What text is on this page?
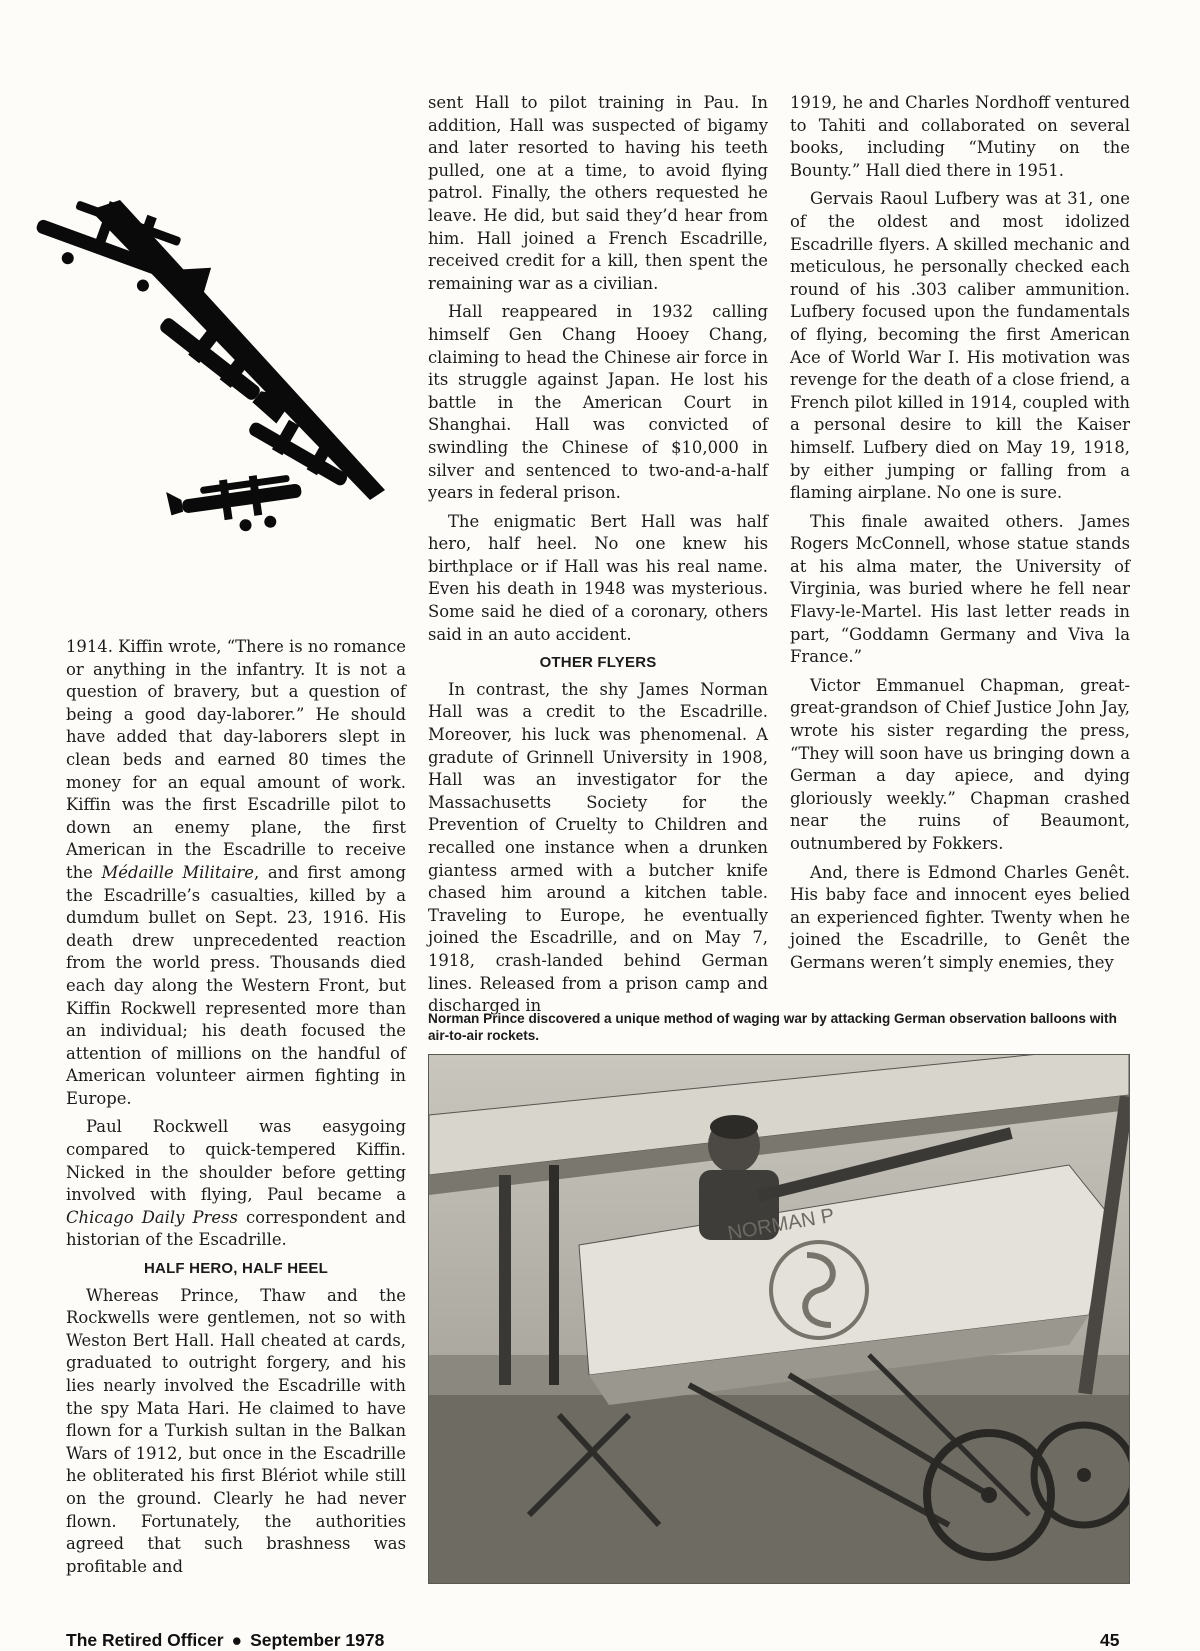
1914. Kiffin wrote, “There is no romance or anything in the infantry. It is not a question of bravery, but a question of being a good day-laborer.” He should have added that day-laborers slept in clean beds and earned 80 times the money for an equal amount of work. Kiffin was the first Escadrille pilot to down an enemy plane, the first American in the Escadrille to receive the Médaille Militaire, and first among the Escadrille’s casualties, killed by a dumdum bullet on Sept. 23, 1916. His death drew unprecedented reaction from the world press. Thousands died each day along the Western Front, but Kiffin Rockwell represented more than an individual; his death focused the attention of millions on the handful of American volunteer airmen fighting in Europe.

Paul Rockwell was easygoing compared to quick-tempered Kiffin. Nicked in the shoulder before getting involved with flying, Paul became a Chicago Daily Press correspondent and historian of the Escadrille.

HALF HERO, HALF HEEL

Whereas Prince, Thaw and the Rockwells were gentlemen, not so with Weston Bert Hall. Hall cheated at cards, graduated to outright forgery, and his lies nearly involved the Escadrille with the spy Mata Hari. He claimed to have flown for a Turkish sultan in the Balkan Wars of 1912, but once in the Escadrille he obliterated his first Blériot while still on the ground. Clearly he had never flown. Fortunately, the authorities agreed that such brashness was profitable and

sent Hall to pilot training in Pau. In addition, Hall was suspected of bigamy and later resorted to having his teeth pulled, one at a time, to avoid flying patrol. Finally, the others requested he leave. He did, but said they’d hear from him. Hall joined a French Escadrille, received credit for a kill, then spent the remaining war as a civilian.

Hall reappeared in 1932 calling himself Gen Chang Hooey Chang, claiming to head the Chinese air force in its struggle against Japan. He lost his battle in the American Court in Shanghai. Hall was convicted of swindling the Chinese of $10,000 in silver and sentenced to two-and-a-half years in federal prison.

The enigmatic Bert Hall was half hero, half heel. No one knew his birthplace or if Hall was his real name. Even his death in 1948 was mysterious. Some said he died of a coronary, others said in an auto accident.

OTHER FLYERS

In contrast, the shy James Norman Hall was a credit to the Escadrille. Moreover, his luck was phenomenal. A gradute of Grinnell University in 1908, Hall was an investigator for the Massachusetts Society for the Prevention of Cruelty to Children and recalled one instance when a drunken giantess armed with a butcher knife chased him around a kitchen table. Traveling to Europe, he eventually joined the Escadrille, and on May 7, 1918, crash-landed behind German lines. Released from a prison camp and discharged in

1919, he and Charles Nordhoff ventured to Tahiti and collaborated on several books, including “Mutiny on the Bounty.” Hall died there in 1951.

Gervais Raoul Lufbery was at 31, one of the oldest and most idolized Escadrille flyers. A skilled mechanic and meticulous, he personally checked each round of his .303 caliber ammunition. Lufbery focused upon the fundamentals of flying, becoming the first American Ace of World War I. His motivation was revenge for the death of a close friend, a French pilot killed in 1914, coupled with a personal desire to kill the Kaiser himself. Lufbery died on May 19, 1918, by either jumping or falling from a flaming airplane. No one is sure.

This finale awaited others. James Rogers McConnell, whose statue stands at his alma mater, the University of Virginia, was buried where he fell near Flavy-le-Martel. His last letter reads in part, “Goddamn Germany and Viva la France.”

Victor Emmanuel Chapman, great-great-grandson of Chief Justice John Jay, wrote his sister regarding the press, “They will soon have us bringing down a German a day apiece, and dying gloriously weekly.” Chapman crashed near the ruins of Beaumont, outnumbered by Fokkers.

And, there is Edmond Charles Genêt. His baby face and innocent eyes belied an experienced fighter. Twenty when he joined the Escadrille, to Genêt the Germans weren’t simply enemies, they

Norman Prince discovered a unique method of waging war by attacking German observation balloons with air-to-air rockets.
NORMAN P
The Retired Officer ● September 1978	45
